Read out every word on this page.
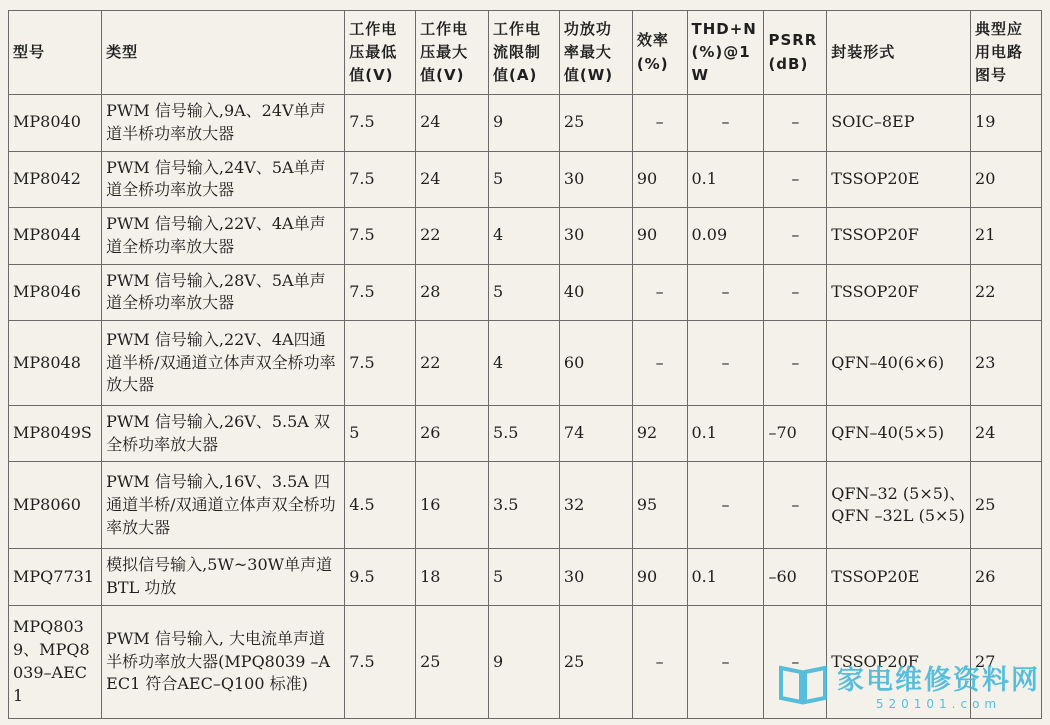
型号	类型	工作电压最低值(V)	工作电压最大值(V)	工作电流限制值(A)	功放功率最大值(W)	效率(%)	THD+N(%)@1W	PSRR(dB)	封装形式	典型应用电路图号
MP8040	PWM 信号输入,9A、24V单声道半桥功率放大器	7.5	24	9	25	–	–	–	SOIC–8EP	19
MP8042	PWM 信号输入,24V、5A单声道全桥功率放大器	7.5	24	5	30	90	0.1	–	TSSOP20E	20
MP8044	PWM 信号输入,22V、4A单声道全桥功率放大器	7.5	22	4	30	90	0.09	–	TSSOP20F	21
MP8046	PWM 信号输入,28V、5A单声道全桥功率放大器	7.5	28	5	40	–	–	–	TSSOP20F	22
MP8048	PWM 信号输入,22V、4A四通道半桥/双通道立体声双全桥功率放大器	7.5	22	4	60	–	–	–	QFN–40(6×6)	23
MP8049S	PWM 信号输入,26V、5.5A 双全桥功率放大器	5	26	5.5	74	92	0.1	–70	QFN–40(5×5)	24
MP8060	PWM 信号输入,16V、3.5A 四通道半桥/双通道立体声双全桥功率放大器	4.5	16	3.5	32	95	–	–	QFN–32 (5×5)、QFN –32L (5×5)	25
MPQ7731	模拟信号输入,5W~30W单声道 BTL 功放	9.5	18	5	30	90	0.1	–60	TSSOP20E	26
MPQ8039、MPQ8039–AEC1	PWM 信号输入, 大电流单声道半桥功率放大器(MPQ8039 –AEC1 符合AEC–Q100 标准)	7.5	25	9	25	–	–	–	TSSOP20F	27
家电维修资料网
520101.com
